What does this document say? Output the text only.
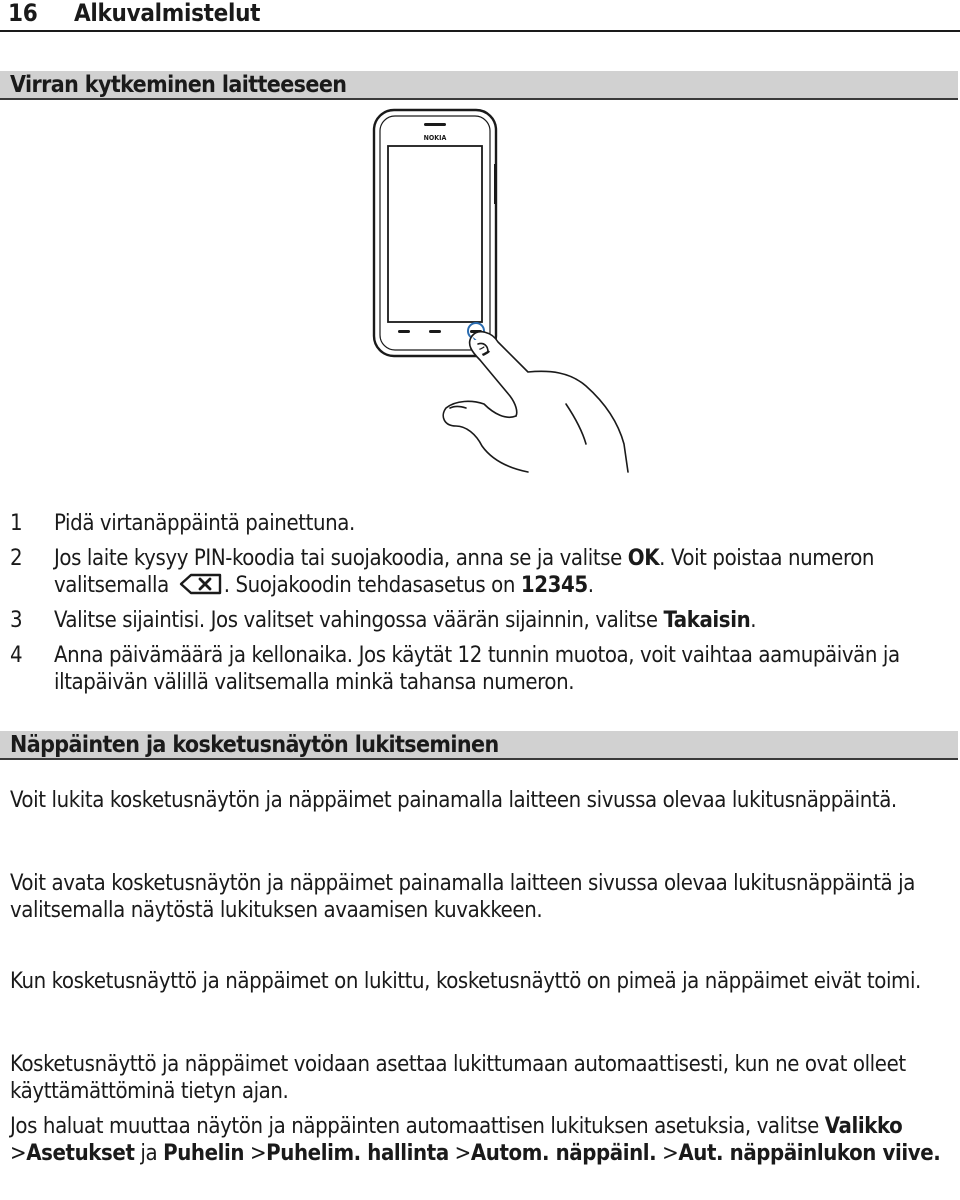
16	Alkuvalmistelut
Virran kytkeminen laitteeseen
NOKIA
1 Pidä virtanäppäintä painettuna.
2 Jos laite kysyy PIN-koodia tai suojakoodia, anna se ja valitse OK. Voit poistaa numeron valitsemalla . Suojakoodin tehdasasetus on 12345.
3 Valitse sijaintisi. Jos valitset vahingossa väärän sijainnin, valitse Takaisin.
4 Anna päivämäärä ja kellonaika. Jos käytät 12 tunnin muotoa, voit vaihtaa aamupäivän ja iltapäivän välillä valitsemalla minkä tahansa numeron.
Näppäinten ja kosketusnäytön lukitseminen

Voit lukita kosketusnäytön ja näppäimet painamalla laitteen sivussa olevaa lukitusnäppäintä.

Voit avata kosketusnäytön ja näppäimet painamalla laitteen sivussa olevaa lukitusnäppäintä ja valitsemalla näytöstä lukituksen avaamisen kuvakkeen.

Kun kosketusnäyttö ja näppäimet on lukittu, kosketusnäyttö on pimeä ja näppäimet eivät toimi.

Kosketusnäyttö ja näppäimet voidaan asettaa lukittumaan automaattisesti, kun ne ovat olleet käyttämättöminä tietyn ajan.

Jos haluat muuttaa näytön ja näppäinten automaattisen lukituksen asetuksia, valitse Valikko >Asetukset ja Puhelin >Puhelim. hallinta >Autom. näppäinl. >Aut. näppäinlukon viive.
